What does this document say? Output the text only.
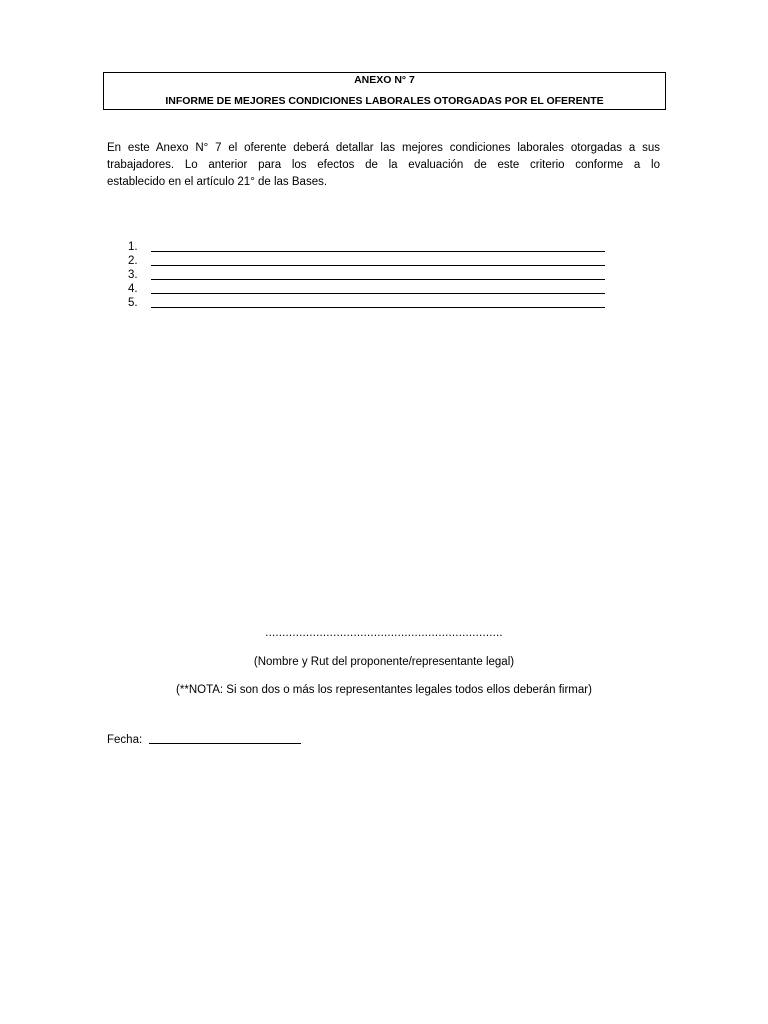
ANEXO N° 7
INFORME DE MEJORES CONDICIONES LABORALES OTORGADAS POR EL OFERENTE

En este Anexo N° 7 el oferente deberá detallar las mejores condiciones laborales otorgadas a sus
trabajadores. Lo anterior para los efectos de la evaluación de este criterio conforme a lo
establecido en el artículo 21° de las Bases.

1.
2.
3.
4.
5.
......................................................................
(Nombre y Rut del proponente/representante legal)
(**NOTA: Si son dos o más los representantes legales todos ellos deberán firmar)
Fecha:
